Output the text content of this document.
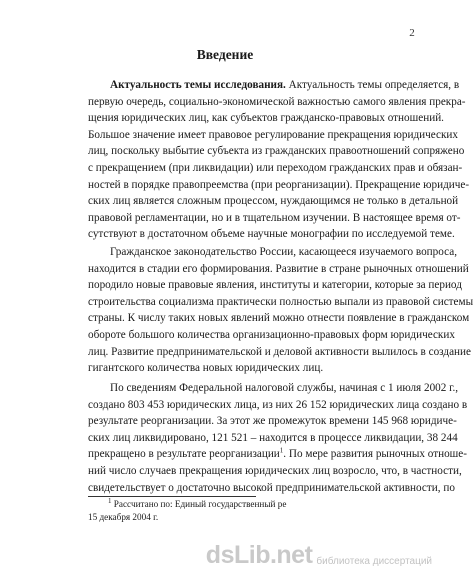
2
Введение
Актуальность темы исследования. Актуальность темы определяется, в
первую очередь, социально-экономической важностью самого явления прекра-
щения юридических лиц, как субъектов гражданско-правовых отношений.
Большое значение имеет правовое регулирование прекращения юридических
лиц, поскольку выбытие субъекта из гражданских правоотношений сопряжено
с прекращением (при ликвидации) или переходом гражданских прав и обязан-
ностей в порядке правопреемства (при реорганизации). Прекращение юридиче-
ских лиц является сложным процессом, нуждающимся не только в детальной
правовой регламентации, но и в тщательном изучении. В настоящее время от-
сутствуют в достаточном объеме научные монографии по исследуемой теме.
Гражданское законодательство России, касающееся изучаемого вопроса,
находится в стадии его формирования. Развитие в стране рыночных отношений
породило новые правовые явления, институты и категории, которые за период
строительства социализма практически полностью выпали из правовой системы
страны. К числу таких новых явлений можно отнести появление в гражданском
обороте большого количества организационно-правовых форм юридических
лиц. Развитие предпринимательской и деловой активности вылилось в создание
гигантского количества новых юридических лиц.
По сведениям Федеральной налоговой службы, начиная с 1 июля 2002 г.,
создано 803 453 юридических лица, из них 26 152 юридических лица создано в
результате реорганизации. За этот же промежуток времени 145 968 юридиче-
ских лиц ликвидировано, 121 521 – находится в процессе ликвидации, 38 244
прекращено в результате реорганизации$^1$. По мере развития рыночных отноше-
ний число случаев прекращения юридических лиц возросло, что, в частности,
свидетельствует о достаточно высокой предпринимательской активности, по
$^1$ Рассчитано по: Единый государственный ре
15 декабря 2004 г.
dsLib.net библиотека диссертаций
